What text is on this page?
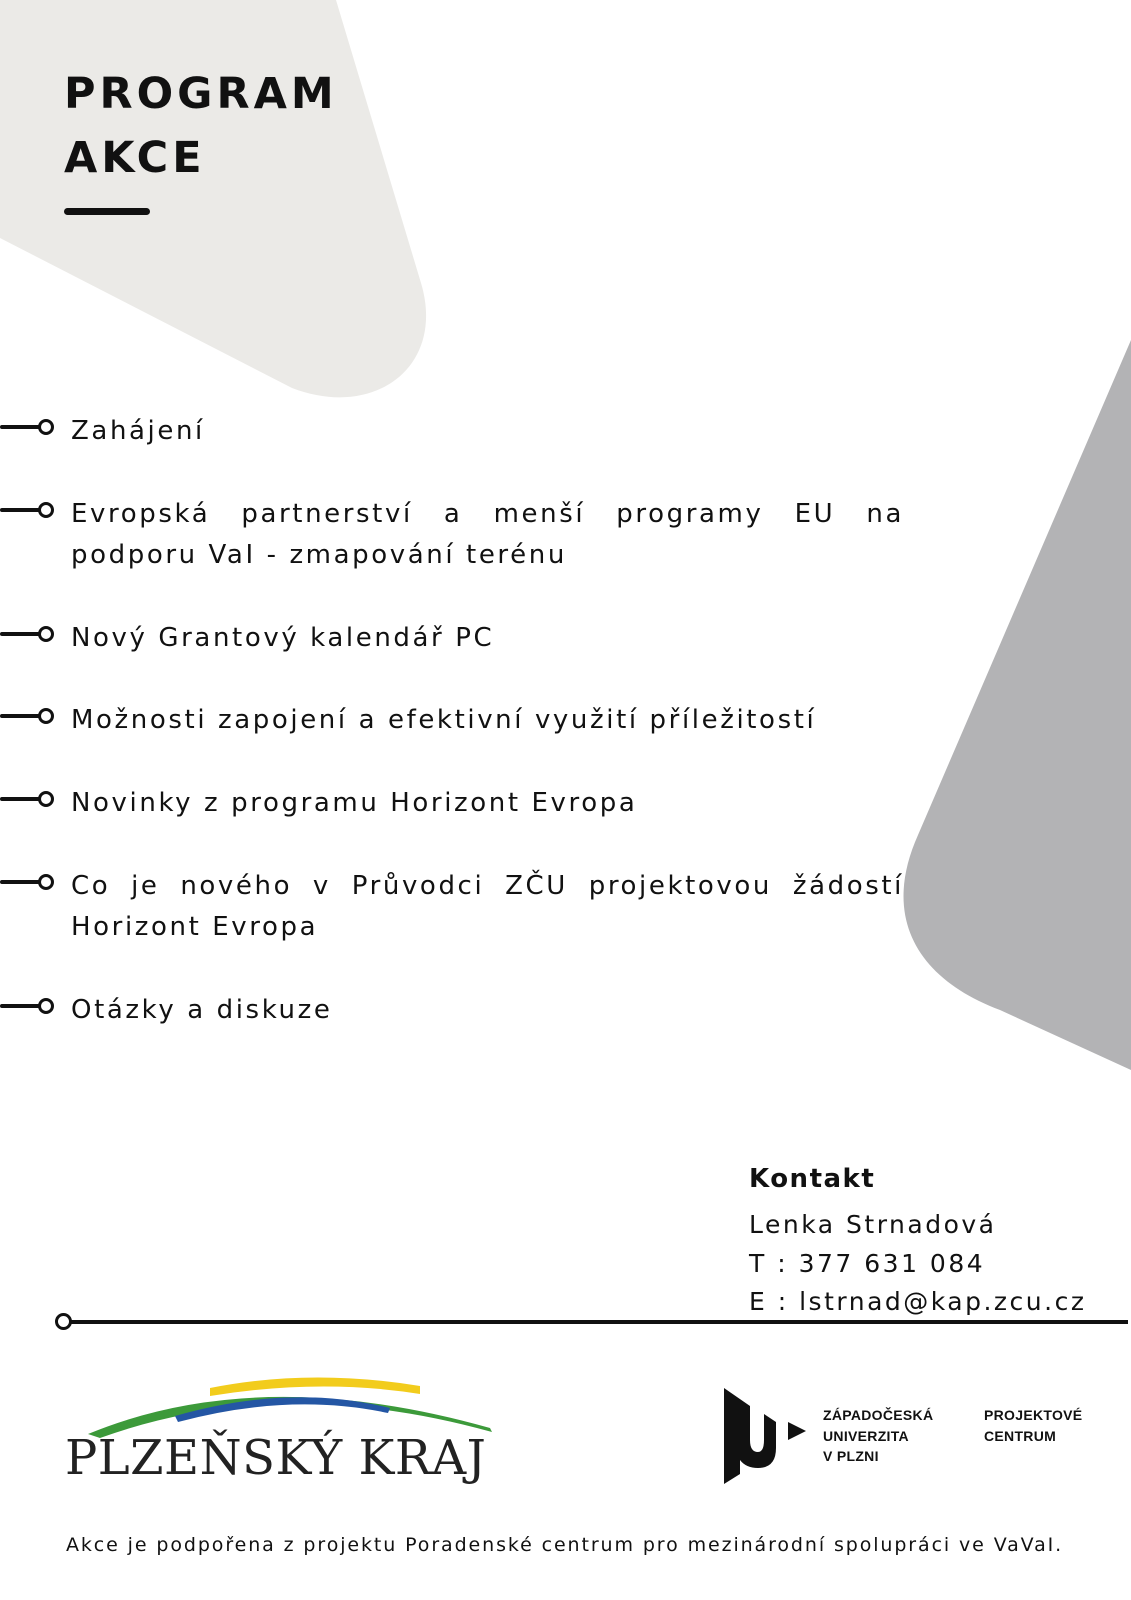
PROGRAM
AKCE
Zahájení
Evropská partnerství a menší programy EU na podporu VaI - zmapování terénu
Nový Grantový kalendář PC
Možnosti zapojení a efektivní využití příležitostí
Novinky z programu Horizont Evropa
Co je nového v Průvodci ZČU projektovou žádostí Horizont Evropa
Otázky a diskuze
Kontakt
Lenka Strnadová
T : 377 631 084
E : lstrnad@kap.zcu.cz
PLZEŇSKÝ KRAJ
ZÁPADOČESKÁ
UNIVERZITA
V PLZNI
PROJEKTOVÉ
CENTRUM
Akce je podpořena z projektu Poradenské centrum pro mezinárodní spolupráci ve VaVaI.
